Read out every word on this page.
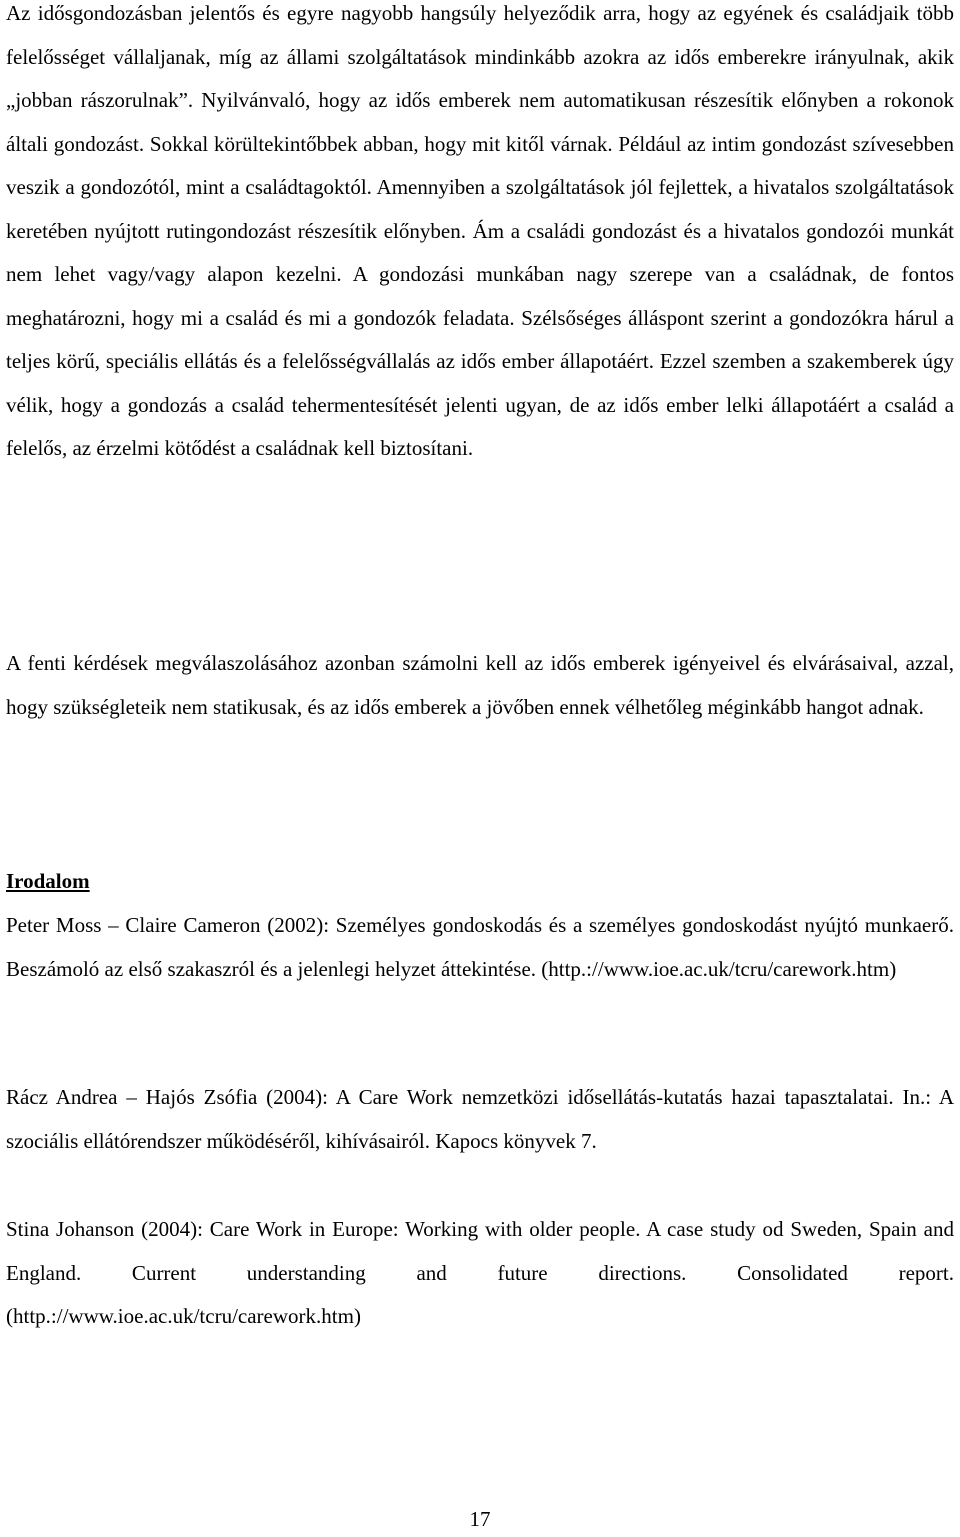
Az idősgondozásban jelentős és egyre nagyobb hangsúly helyeződik arra, hogy az egyének és családjaik több felelősséget vállaljanak, míg az állami szolgáltatások mindinkább azokra az idős emberekre irányulnak, akik „jobban rászorulnak”. Nyilvánvaló, hogy az idős emberek nem automatikusan részesítik előnyben a rokonok általi gondozást. Sokkal körültekintőbbek abban, hogy mit kitől várnak. Például az intim gondozást szívesebben veszik a gondozótól, mint a családtagoktól. Amennyiben a szolgáltatások jól fejlettek, a hivatalos szolgáltatások keretében nyújtott rutingondozást részesítik előnyben. Ám a családi gondozást és a hivatalos gondozói munkát nem lehet vagy/vagy alapon kezelni. A gondozási munkában nagy szerepe van a családnak, de fontos meghatározni, hogy mi a család és mi a gondozók feladata. Szélsőséges álláspont szerint a gondozókra hárul a teljes körű, speciális ellátás és a felelősségvállalás az idős ember állapotáért. Ezzel szemben a szakemberek úgy vélik, hogy a gondozás a család tehermentesítését jelenti ugyan, de az idős ember lelki állapotáért a család a felelős, az érzelmi kötődést a családnak kell biztosítani.

A fenti kérdések megválaszolásához azonban számolni kell az idős emberek igényeivel és elvárásaival, azzal, hogy szükségleteik nem statikusak, és az idős emberek a jövőben ennek vélhetőleg méginkább hangot adnak.

Irodalom

Peter Moss – Claire Cameron (2002): Személyes gondoskodás és a személyes gondoskodást nyújtó munkaerő. Beszámoló az első szakaszról és a jelenlegi helyzet áttekintése. (http.://www.ioe.ac.uk/tcru/carework.htm)

Rácz Andrea – Hajós Zsófia (2004): A Care Work nemzetközi idősellátás-kutatás hazai tapasztalatai. In.: A szociális ellátórendszer működéséről, kihívásairól. Kapocs könyvek 7.

Stina Johanson (2004): Care Work in Europe: Working with older people. A case study od Sweden, Spain and England. Current understanding and future directions. Consolidated report. (http.://www.ioe.ac.uk/tcru/carework.htm)

17
